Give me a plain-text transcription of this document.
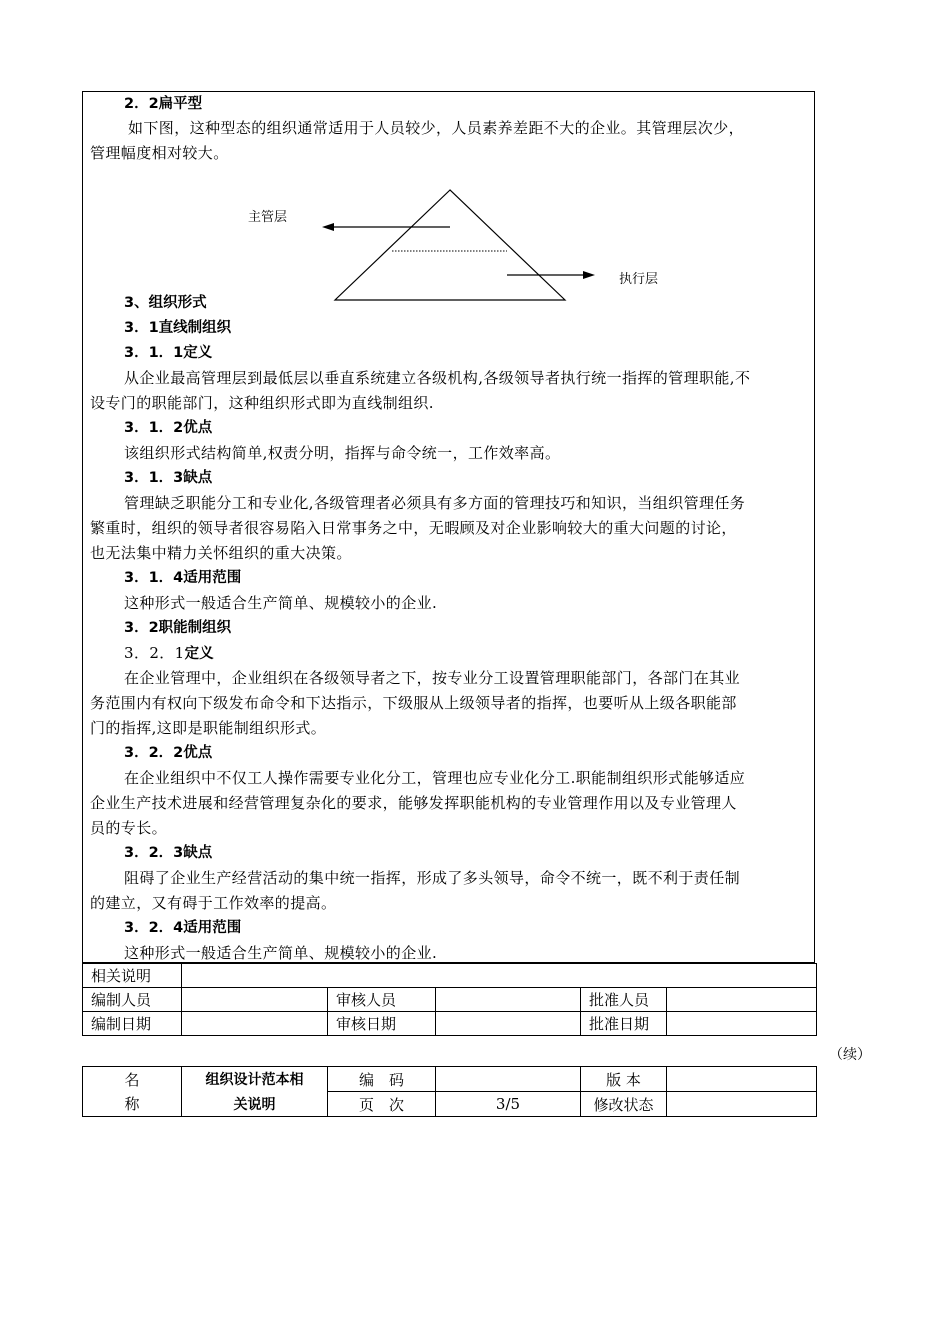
2．2扁平型
如下图，这种型态的组织通常适用于人员较少，人员素养差距不大的企业。其管理层次少，
管理幅度相对较大。
主管层
执行层
3、组织形式
3．1直线制组织
3．1．1定义
从企业最高管理层到最低层以垂直系统建立各级机构,各级领导者执行统一指挥的管理职能,不
设专门的职能部门，这种组织形式即为直线制组织.
3．1．2优点
该组织形式结构简单,权责分明，指挥与命令统一，工作效率高。
3．1．3缺点
管理缺乏职能分工和专业化,各级管理者必须具有多方面的管理技巧和知识，当组织管理任务
繁重时，组织的领导者很容易陷入日常事务之中，无暇顾及对企业影响较大的重大问题的讨论，
也无法集中精力关怀组织的重大决策。
3．1．4适用范围
这种形式一般适合生产简单、规模较小的企业.
3．2职能制组织
3．2．1定义
在企业管理中，企业组织在各级领导者之下，按专业分工设置管理职能部门，各部门在其业
务范围内有权向下级发布命令和下达指示，下级服从上级领导者的指挥，也要听从上级各职能部
门的指挥,这即是职能制组织形式。
3．2．2优点
在企业组织中不仅工人操作需要专业化分工，管理也应专业化分工.职能制组织形式能够适应
企业生产技术进展和经营管理复杂化的要求，能够发挥职能机构的专业管理作用以及专业管理人
员的专长。
3．2．3缺点
阻碍了企业生产经营活动的集中统一指挥，形成了多头领导，命令不统一，既不利于责任制
的建立，又有碍于工作效率的提高。
3．2．4适用范围
这种形式一般适合生产简单、规模较小的企业.
相关说明					
编制人员		审核人员		批准人员	
编制日期		审核日期		批准日期	
（续）
名	组织设计范本相	编　码		版 本	
称	关说明	页　次	3/5	修改状态	
